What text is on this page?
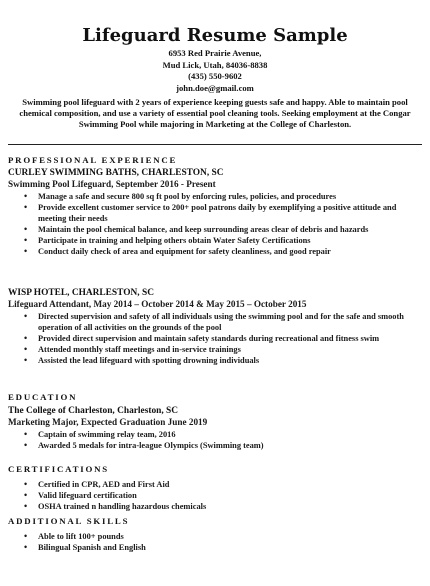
Lifeguard Resume Sample
6953 Red Prairie Avenue,
Mud Lick, Utah, 84036-8838
(435) 550-9602
john.doe@gmail.com
Swimming pool lifeguard with 2 years of experience keeping guests safe and happy. Able to maintain pool chemical composition, and use a variety of essential pool cleaning tools. Seeking employment at the Congar Swimming Pool while majoring in Marketing at the College of Charleston.
PROFESSIONAL EXPERIENCE
CURLEY SWIMMING BATHS, CHARLESTON, SC
Swimming Pool Lifeguard, September 2016 - Present
• Manage a safe and secure 800 sq ft pool by enforcing rules, policies, and procedures
• Provide excellent customer service to 200+ pool patrons daily by exemplifying a positive attitude and meeting their needs
• Maintain the pool chemical balance, and keep surrounding areas clear of debris and hazards
• Participate in training and helping others obtain Water Safety Certifications
• Conduct daily check of area and equipment for safety cleanliness, and good repair
WISP HOTEL, CHARLESTON, SC
Lifeguard Attendant, May 2014 – October 2014 & May 2015 – October 2015
• Directed supervision and safety of all individuals using the swimming pool and for the safe and smooth operation of all activities on the grounds of the pool
• Provided direct supervision and maintain safety standards during recreational and fitness swim
• Attended monthly staff meetings and in-service trainings
• Assisted the lead lifeguard with spotting drowning individuals
EDUCATION
The College of Charleston, Charleston, SC
Marketing Major, Expected Graduation June 2019
• Captain of swimming relay team, 2016
• Awarded 5 medals for intra-league Olympics (Swimming team)
CERTIFICATIONS
• Certified in CPR, AED and First Aid
• Valid lifeguard certification
• OSHA trained n handling hazardous chemicals
ADDITIONAL SKILLS
• Able to lift 100+ pounds
• Bilingual Spanish and English
